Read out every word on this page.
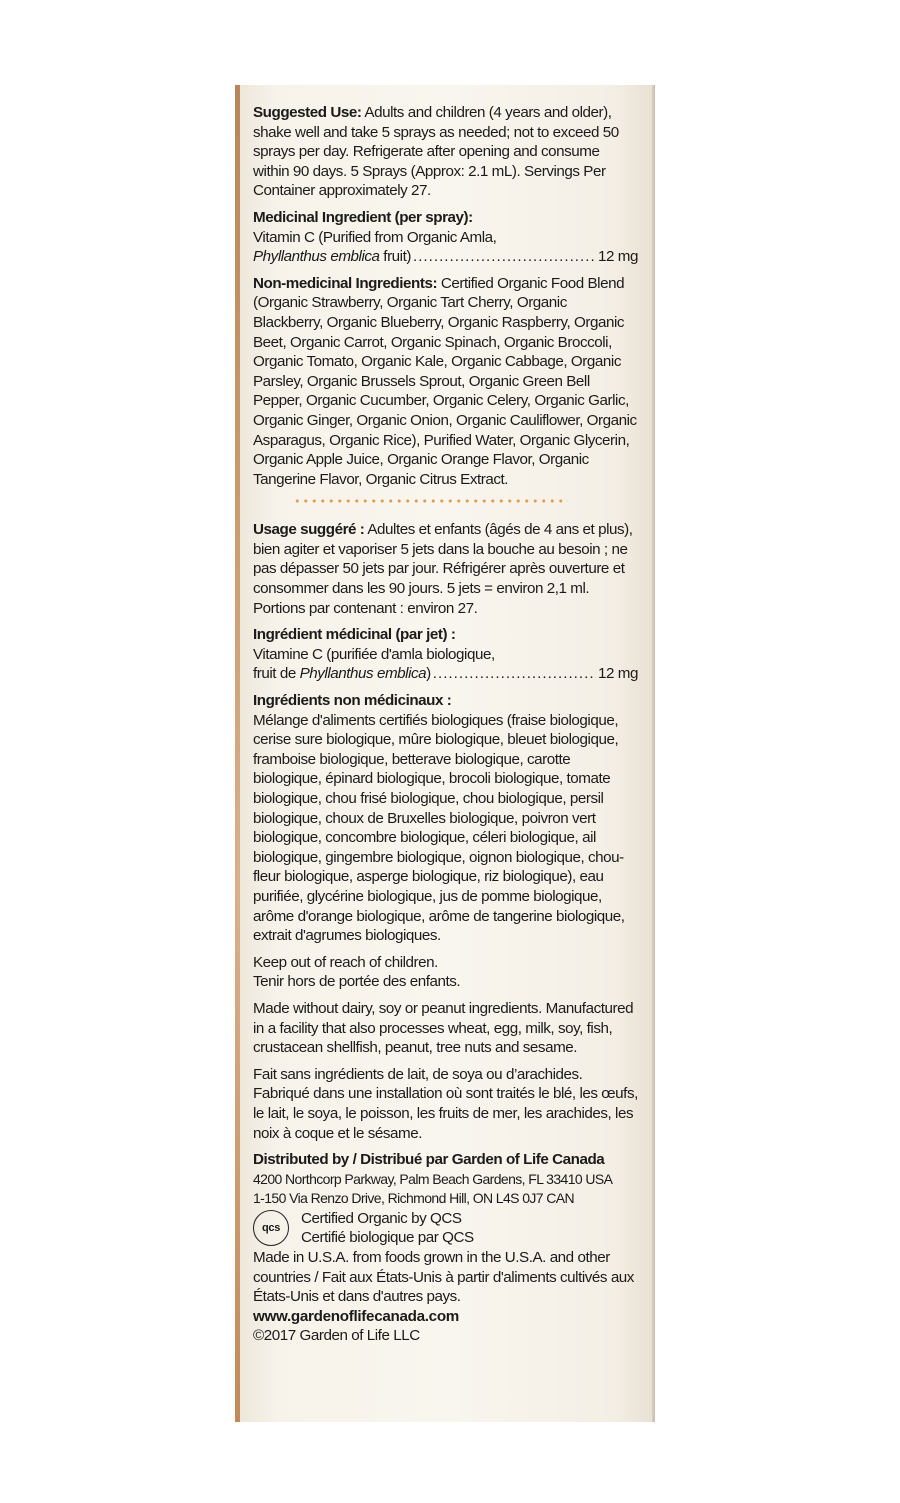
Suggested Use: Adults and children (4 years and older), shake well and take 5 sprays as needed; not to exceed 50 sprays per day. Refrigerate after opening and consume within 90 days. 5 Sprays (Approx: 2.1 mL). Servings Per Container approximately 27.

Medicinal Ingredient (per spray):
Vitamin C (Purified from Organic Amla,
Phyllanthus emblica fruit) .....	12 mg

Non-medicinal Ingredients: Certified Organic Food Blend (Organic Strawberry, Organic Tart Cherry, Organic Blackberry, Organic Blueberry, Organic Raspberry, Organic Beet, Organic Carrot, Organic Spinach, Organic Broccoli, Organic Tomato, Organic Kale, Organic Cabbage, Organic Parsley, Organic Brussels Sprout, Organic Green Bell Pepper, Organic Cucumber, Organic Celery, Organic Garlic, Organic Ginger, Organic Onion, Organic Cauliflower, Organic Asparagus, Organic Rice), Purified Water, Organic Glycerin, Organic Apple Juice, Organic Orange Flavor, Organic Tangerine Flavor, Organic Citrus Extract.

Usage suggéré : Adultes et enfants (âgés de 4 ans et plus), bien agiter et vaporiser 5 jets dans la bouche au besoin ; ne pas dépasser 50 jets par jour. Réfrigérer après ouverture et consommer dans les 90 jours. 5 jets = environ 2,1 ml. Portions par contenant : environ 27.

Ingrédient médicinal (par jet) :
Vitamine C (purifiée d'amla biologique,
fruit de Phyllanthus emblica) .....	12 mg
Ingrédients non médicinaux :
Mélange d'aliments certifiés biologiques (fraise biologique, cerise sure biologique, mûre biologique, bleuet biologique, framboise biologique, betterave biologique, carotte biologique, épinard biologique, brocoli biologique, tomate biologique, chou frisé biologique, chou biologique, persil biologique, choux de Bruxelles biologique, poivron vert biologique, concombre biologique, céleri biologique, ail biologique, gingembre biologique, oignon biologique, chou-fleur biologique, asperge biologique, riz biologique), eau purifiée, glycérine biologique, jus de pomme biologique, arôme d'orange biologique, arôme de tangerine biologique, extrait d'agrumes biologiques.
Keep out of reach of children.
Tenir hors de portée des enfants.

Made without dairy, soy or peanut ingredients. Manufactured in a facility that also processes wheat, egg, milk, soy, fish, crustacean shellfish, peanut, tree nuts and sesame.

Fait sans ingrédients de lait, de soya ou d’arachides. Fabriqué dans une installation où sont traités le blé, les œufs, le lait, le soya, le poisson, les fruits de mer, les arachides, les noix à coque et le sésame.

Distributed by / Distribué par Garden of Life Canada
4200 Northcorp Parkway, Palm Beach Gardens, FL 33410 USA
1-150 Via Renzo Drive, Richmond Hill, ON L4S 0J7 CAN
qcs
Certified Organic by QCS
Certifié biologique par QCS
Made in U.S.A. from foods grown in the U.S.A. and other countries / Fait aux États-Unis à partir d'aliments cultivés aux États-Unis et dans d'autres pays.
www.gardenoflifecanada.com
©2017 Garden of Life LLC
